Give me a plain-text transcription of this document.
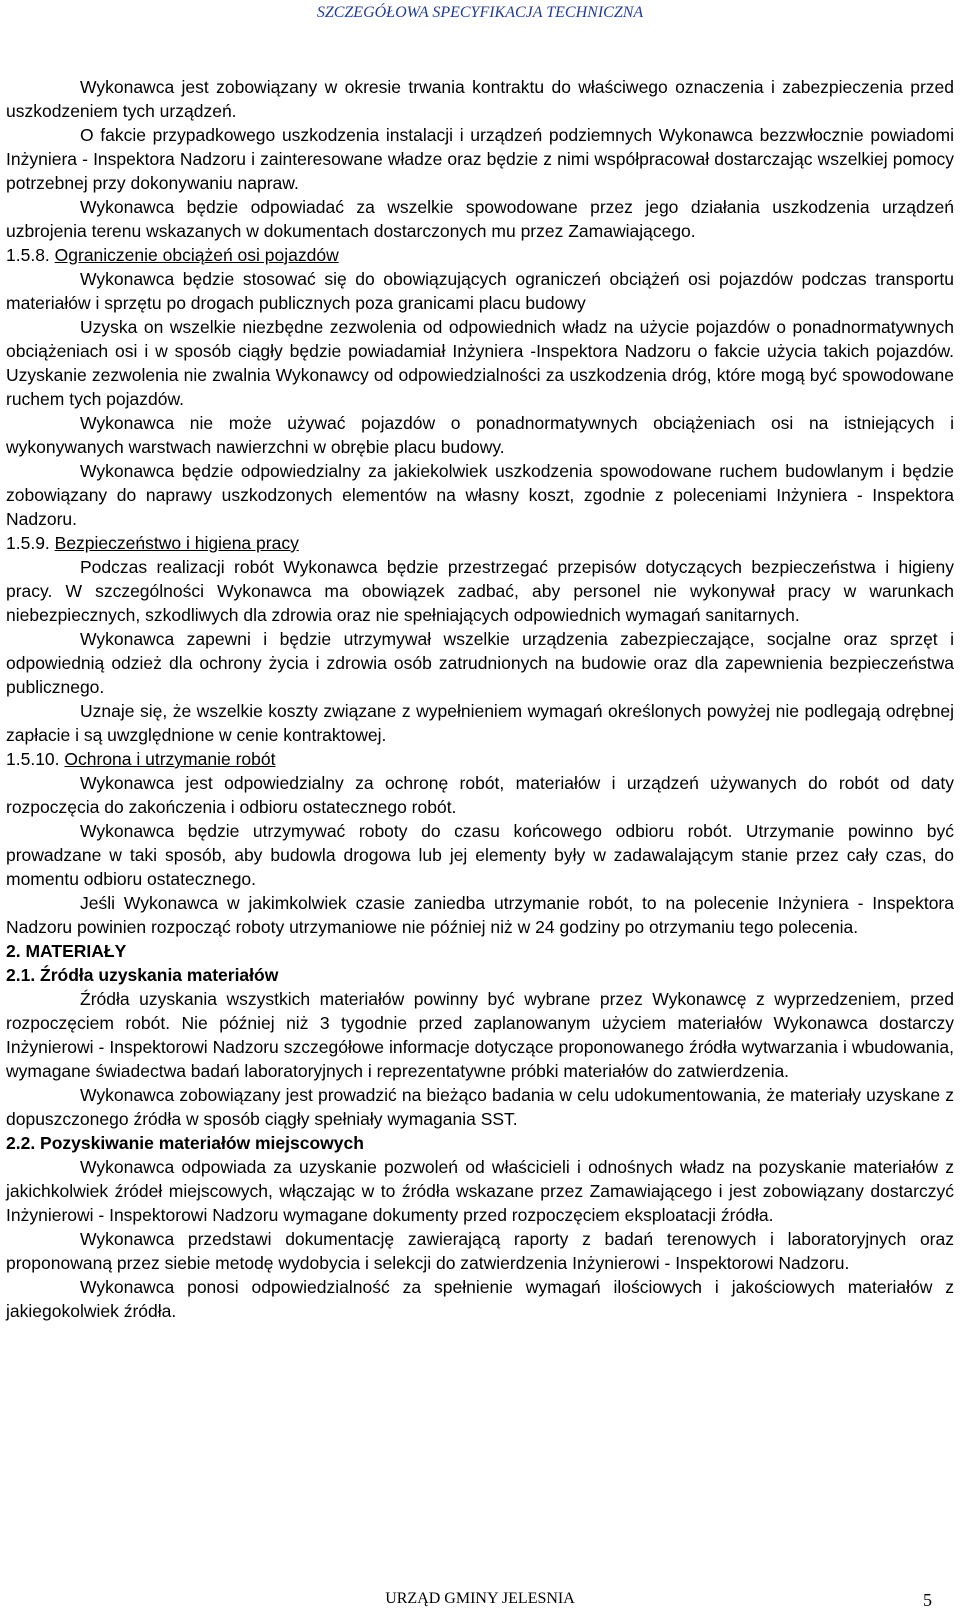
SZCZEGÓŁOWA SPECYFIKACJA TECHNICZNA

Wykonawca jest zobowiązany w okresie trwania kontraktu do właściwego oznaczenia i zabezpieczenia przed uszkodzeniem tych urządzeń.

O fakcie przypadkowego uszkodzenia instalacji i urządzeń podziemnych Wykonawca bezzwłocznie powiadomi Inżyniera - Inspektora Nadzoru i zainteresowane władze oraz będzie z nimi współpracował dostarczając wszelkiej pomocy potrzebnej przy dokonywaniu napraw.

Wykonawca będzie odpowiadać za wszelkie spowodowane przez jego działania uszkodzenia urządzeń uzbrojenia terenu wskazanych w dokumentach dostarczonych mu przez Zamawiającego.

1.5.8. Ograniczenie obciążeń osi pojazdów

Wykonawca będzie stosować się do obowiązujących ograniczeń obciążeń osi pojazdów podczas transportu materiałów i sprzętu po drogach publicznych poza granicami placu budowy

Uzyska on wszelkie niezbędne zezwolenia od odpowiednich władz na użycie pojazdów o ponadnormatywnych obciążeniach osi i w sposób ciągły będzie powiadamiał Inżyniera -Inspektora Nadzoru o fakcie użycia takich pojazdów. Uzyskanie zezwolenia nie zwalnia Wykonawcy od odpowiedzialności za uszkodzenia dróg, które mogą być spowodowane ruchem tych pojazdów.

Wykonawca nie może używać pojazdów o ponadnormatywnych obciążeniach osi na istniejących i wykonywanych warstwach nawierzchni w obrębie placu budowy.

Wykonawca będzie odpowiedzialny za jakiekolwiek uszkodzenia spowodowane ruchem budowlanym i będzie zobowiązany do naprawy uszkodzonych elementów na własny koszt, zgodnie z poleceniami Inżyniera - Inspektora Nadzoru.

1.5.9. Bezpieczeństwo i higiena pracy

Podczas realizacji robót Wykonawca będzie przestrzegać przepisów dotyczących bezpieczeństwa i higieny pracy. W szczególności Wykonawca ma obowiązek zadbać, aby personel nie wykonywał pracy w warunkach niebezpiecznych, szkodliwych dla zdrowia oraz nie spełniających odpowiednich wymagań sanitarnych.

Wykonawca zapewni i będzie utrzymywał wszelkie urządzenia zabezpieczające, socjalne oraz sprzęt i odpowiednią odzież dla ochrony życia i zdrowia osób zatrudnionych na budowie oraz dla zapewnienia bezpieczeństwa publicznego.

Uznaje się, że wszelkie koszty związane z wypełnieniem wymagań określonych powyżej nie podlegają odrębnej zapłacie i są uwzględnione w cenie kontraktowej.

1.5.10. Ochrona i utrzymanie robót

Wykonawca jest odpowiedzialny za ochronę robót, materiałów i urządzeń używanych do robót od daty rozpoczęcia do zakończenia i odbioru ostatecznego robót.

Wykonawca będzie utrzymywać roboty do czasu końcowego odbioru robót. Utrzymanie powinno być prowadzane w taki sposób, aby budowla drogowa lub jej elementy były w zadawalającym stanie przez cały czas, do momentu odbioru ostatecznego.

Jeśli Wykonawca w jakimkolwiek czasie zaniedba utrzymanie robót, to na polecenie Inżyniera - Inspektora Nadzoru powinien rozpocząć roboty utrzymaniowe nie później niż w 24 godziny po otrzymaniu tego polecenia.

2. MATERIAŁY

2.1. Źródła uzyskania materiałów

Źródła uzyskania wszystkich materiałów powinny być wybrane przez Wykonawcę z wyprzedzeniem, przed rozpoczęciem robót. Nie później niż 3 tygodnie przed zaplanowanym użyciem materiałów Wykonawca dostarczy Inżynierowi - Inspektorowi Nadzoru szczegółowe informacje dotyczące proponowanego źródła wytwarzania i wbudowania, wymagane świadectwa badań laboratoryjnych i reprezentatywne próbki materiałów do zatwierdzenia.

Wykonawca zobowiązany jest prowadzić na bieżąco badania w celu udokumentowania, że materiały uzyskane z dopuszczonego źródła w sposób ciągły spełniały wymagania SST.

2.2. Pozyskiwanie materiałów miejscowych

Wykonawca odpowiada za uzyskanie pozwoleń od właścicieli i odnośnych władz na pozyskanie materiałów z jakichkolwiek źródeł miejscowych, włączając w to źródła wskazane przez Zamawiającego i jest zobowiązany dostarczyć Inżynierowi - Inspektorowi Nadzoru wymagane dokumenty przed rozpoczęciem eksploatacji źródła.

Wykonawca przedstawi dokumentację zawierającą raporty z badań terenowych i laboratoryjnych oraz proponowaną przez siebie metodę wydobycia i selekcji do zatwierdzenia Inżynierowi - Inspektorowi Nadzoru.

Wykonawca ponosi odpowiedzialność za spełnienie wymagań ilościowych i jakościowych materiałów z jakiegokolwiek źródła.

URZĄD GMINY JELESNIA	5
